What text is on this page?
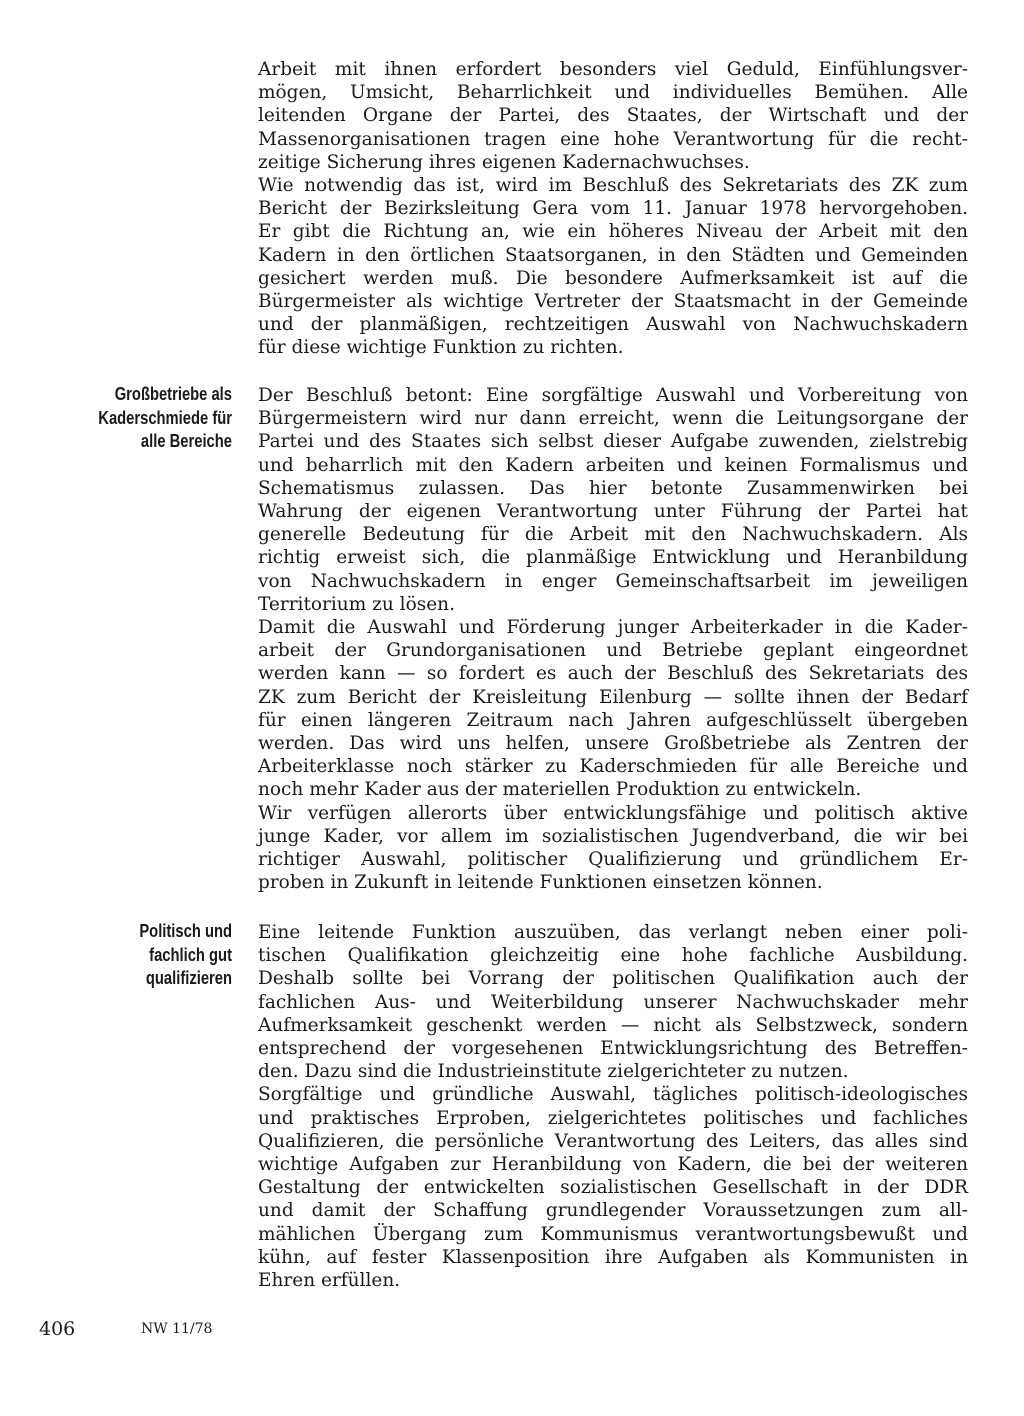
Arbeit mit ihnen erfordert besonders viel Geduld, Einfühlungsver-
mögen, Umsicht, Beharrlichkeit und individuelles Bemühen. Alle
leitenden Organe der Partei, des Staates, der Wirtschaft und der
Massenorganisationen tragen eine hohe Verantwortung für die recht-
zeitige Sicherung ihres eigenen Kadernachwuchses.

Wie notwendig das ist, wird im Beschluß des Sekretariats des ZK zum
Bericht der Bezirksleitung Gera vom 11. Januar 1978 hervorgehoben.
Er gibt die Richtung an, wie ein höheres Niveau der Arbeit mit den
Kadern in den örtlichen Staatsorganen, in den Städten und Gemeinden
gesichert werden muß. Die besondere Aufmerksamkeit ist auf die
Bürgermeister als wichtige Vertreter der Staatsmacht in der Gemeinde
und der planmäßigen, rechtzeitigen Auswahl von Nachwuchskadern
für diese wichtige Funktion zu richten.

Großbetriebe als
Kaderschmiede für
alle Bereiche

Der Beschluß betont: Eine sorgfältige Auswahl und Vorbereitung von
Bürgermeistern wird nur dann erreicht, wenn die Leitungsorgane der
Partei und des Staates sich selbst dieser Aufgabe zuwenden, zielstrebig
und beharrlich mit den Kadern arbeiten und keinen Formalismus und
Schematismus zulassen. Das hier betonte Zusammenwirken bei
Wahrung der eigenen Verantwortung unter Führung der Partei hat
generelle Bedeutung für die Arbeit mit den Nachwuchskadern. Als
richtig erweist sich, die planmäßige Entwicklung und Heranbildung
von Nachwuchskadern in enger Gemeinschaftsarbeit im jeweiligen
Territorium zu lösen.

Damit die Auswahl und Förderung junger Arbeiterkader in die Kader-
arbeit der Grundorganisationen und Betriebe geplant eingeordnet
werden kann — so fordert es auch der Beschluß des Sekretariats des
ZK zum Bericht der Kreisleitung Eilenburg — sollte ihnen der Bedarf
für einen längeren Zeitraum nach Jahren aufgeschlüsselt übergeben
werden. Das wird uns helfen, unsere Großbetriebe als Zentren der
Arbeiterklasse noch stärker zu Kaderschmieden für alle Bereiche und
noch mehr Kader aus der materiellen Produktion zu entwickeln.

Wir verfügen allerorts über entwicklungsfähige und politisch aktive
junge Kader, vor allem im sozialistischen Jugendverband, die wir bei
richtiger Auswahl, politischer Qualifizierung und gründlichem Er-
proben in Zukunft in leitende Funktionen einsetzen können.

Politisch und
fachlich gut
qualifizieren

Eine leitende Funktion auszuüben, das verlangt neben einer poli-
tischen Qualifikation gleichzeitig eine hohe fachliche Ausbildung.
Deshalb sollte bei Vorrang der politischen Qualifikation auch der
fachlichen Aus- und Weiterbildung unserer Nachwuchskader mehr
Aufmerksamkeit geschenkt werden — nicht als Selbstzweck, sondern
entsprechend der vorgesehenen Entwicklungsrichtung des Betreffen-
den. Dazu sind die Industrieinstitute zielgerichteter zu nutzen.

Sorgfältige und gründliche Auswahl, tägliches politisch-ideologisches
und praktisches Erproben, zielgerichtetes politisches und fachliches
Qualifizieren, die persönliche Verantwortung des Leiters, das alles sind
wichtige Aufgaben zur Heranbildung von Kadern, die bei der weiteren
Gestaltung der entwickelten sozialistischen Gesellschaft in der DDR
und damit der Schaffung grundlegender Voraussetzungen zum all-
mählichen Übergang zum Kommunismus verantwortungsbewußt und
kühn, auf fester Klassenposition ihre Aufgaben als Kommunisten in
Ehren erfüllen.

406	NW 11/78
